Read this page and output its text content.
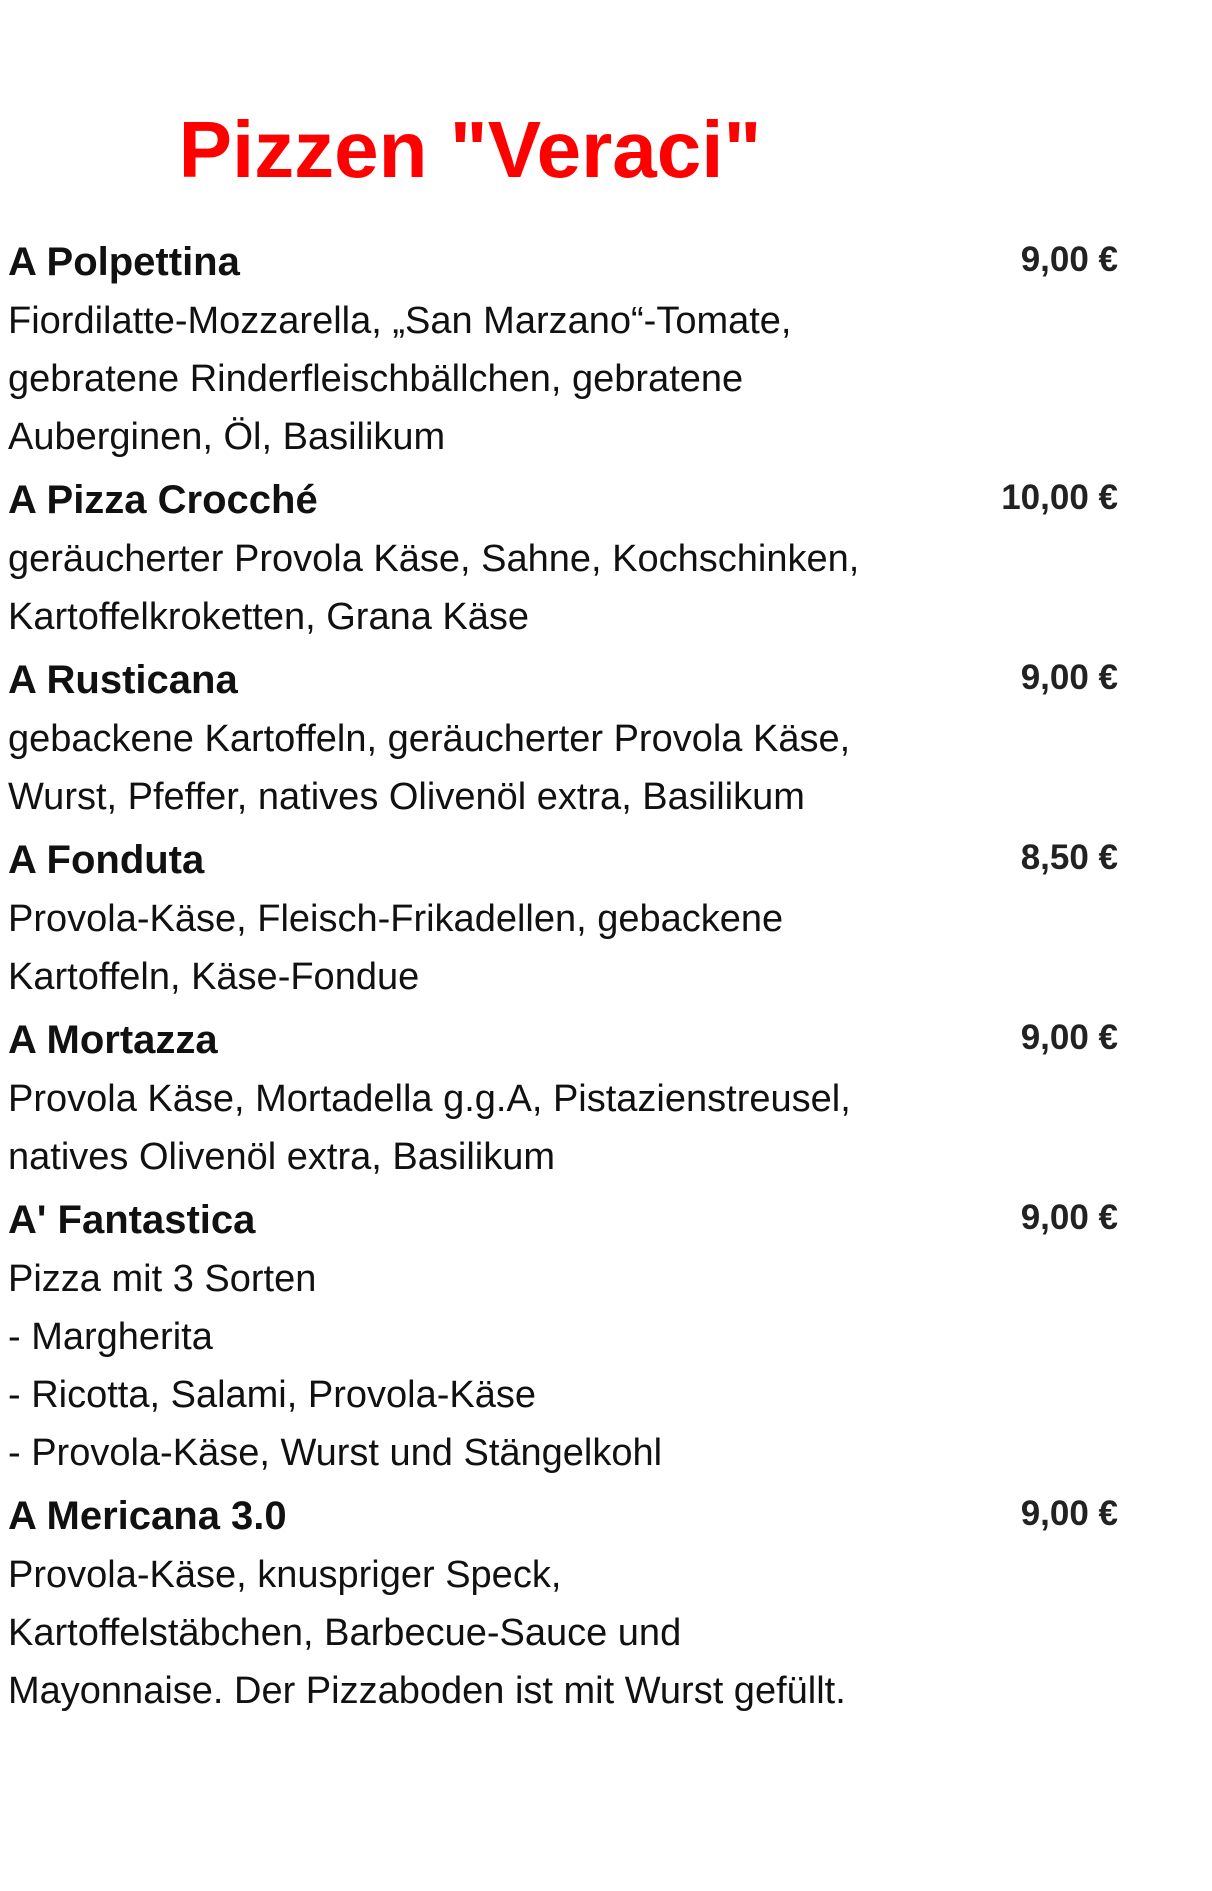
Pizzen "Veraci"
A Polpettina	9,00 €
Fiordilatte-Mozzarella, „San Marzano“-Tomate,
gebratene Rinderfleischbällchen, gebratene
Auberginen, Öl, Basilikum
A Pizza Crocché	10,00 €
geräucherter Provola Käse, Sahne, Kochschinken,
Kartoffelkroketten, Grana Käse
A Rusticana	9,00 €
gebackene Kartoffeln, geräucherter Provola Käse,
Wurst, Pfeffer, natives Olivenöl extra, Basilikum
A Fonduta	8,50 €
Provola-Käse, Fleisch-Frikadellen, gebackene
Kartoffeln, Käse-Fondue
A Mortazza	9,00 €
Provola Käse, Mortadella g.g.A, Pistazienstreusel,
natives Olivenöl extra, Basilikum
A' Fantastica	9,00 €
Pizza mit 3 Sorten
- Margherita
- Ricotta, Salami, Provola-Käse
- Provola-Käse, Wurst und Stängelkohl
A Mericana 3.0	9,00 €
Provola-Käse, knuspriger Speck,
Kartoffelstäbchen, Barbecue-Sauce und
Mayonnaise. Der Pizzaboden ist mit Wurst gefüllt.
